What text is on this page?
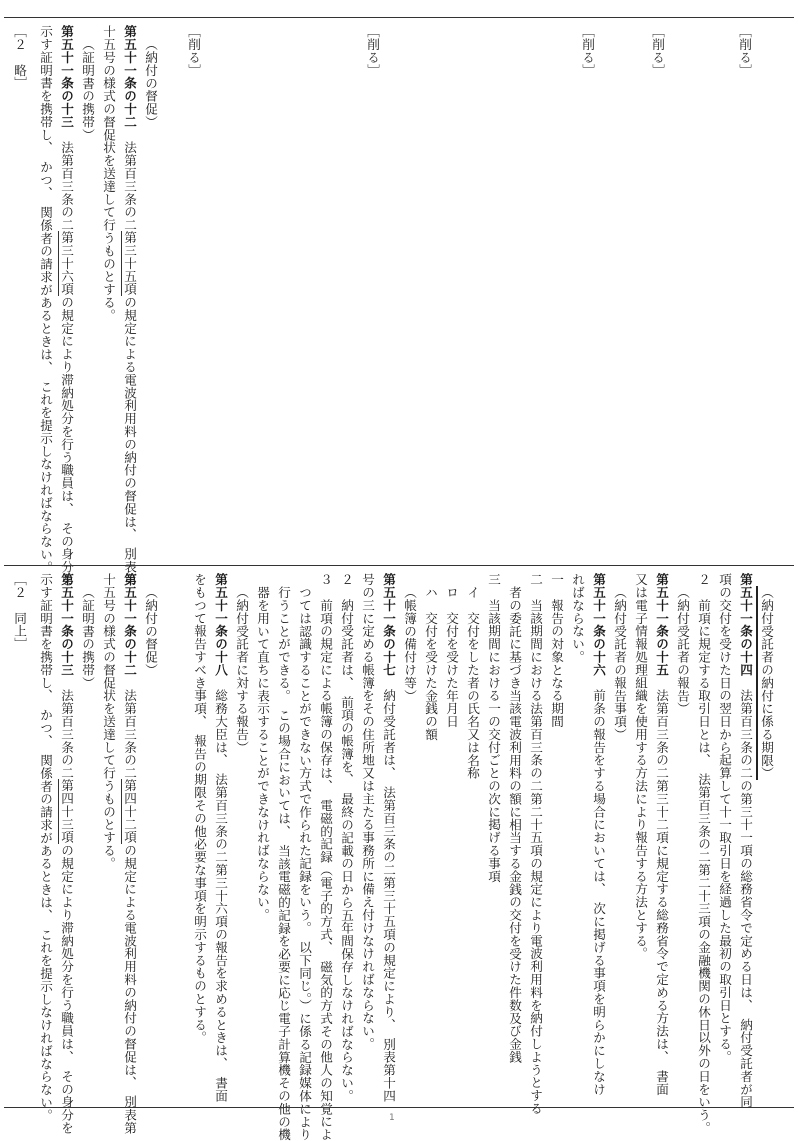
［削る］
［削る］
［削る］
［削る］
［削る］
（納付の督促）
第五十一条の十二　法第百三条の二第三十五項の規定による電波利用料の納付の督促は、　別表第
十五号の様式の督促状を送達して行うものとする。
（証明書の携帯）
第五十一条の十三　法第百三条の二第三十六項の規定により滞納処分を行う職員は、　その身分を
示す証明書を携帯し、　かつ、　関係者の請求があるときは、　これを提示しなければならない。
［２　略］
（納付受託者の納付に係る期限）
第五十一条の十四　法第百三条の二の第三十一項の総務省令で定める日は、　納付受託者が同
項の交付を受けた日の翌日から起算して十一取引日を経過した最初の取引日とする。
２　前項に規定する取引日とは、　法第百三条の二第二十三項の金融機関の休日以外の日をいう。
（納付受託者の報告）
第五十一条の十五　法第百三条の二第三十二項に規定する総務省令で定める方法は、　書面
又は電子情報処理組織を使用する方法により報告する方法とする。
（納付受託者の報告事項）
第五十一条の十六　前条の報告をする場合においては、　次に掲げる事項を明らかにしなけ
ればならない。
一　報告の対象となる期間
二　当該期間における法第百三条の二第二十五項の規定により電波利用料を納付しようとする
者の委託に基づき当該電波利用料の額に相当する金銭の交付を受けた件数及び金銭
三　当該期間における一の交付ごとの次に掲げる事項
イ　交付をした者の氏名又は名称
ロ　交付を受けた年月日
ハ　交付を受けた金銭の額
（帳簿の備付け等）
第五十一条の十七　納付受託者は、　法第百三条の二第三十五項の規定により、　別表第十四
号の三に定める帳簿をその住所地又は主たる事務所に備え付けなければならない。
２　納付受託者は、　前項の帳簿を、　最終の記載の日から五年間保存しなければならない。
３　前項の規定による帳簿の保存は、　電磁的記録（電子的方式、　磁気的方式その他人の知覚によ
つては認識することができない方式で作られた記録をいう。　以下同じ。）に係る記録媒体により
行うことができる。　この場合においては、　当該電磁的記録を必要に応じ電子計算機その他の機
器を用いて直ちに表示することができなければならない。
（納付受託者に対する報告）
第五十一条の十八　総務大臣は、　法第百三条の二第三十六項の報告を求めるときは、　書面
をもつて報告すべき事項、　報告の期限その他必要な事項を明示するものとする。
（納付の督促）
第五十一条の十二　法第百三条の二第四十二項の規定による電波利用料の納付の督促は、　別表第
十五号の様式の督促状を送達して行うものとする。
（証明書の携帯）
第五十一条の十三　法第百三条の二第四十三項の規定により滞納処分を行う職員は、　その身分を
示す証明書を携帯し、　かつ、　関係者の請求があるときは、　これを提示しなければならない。
［２　同上］
1
